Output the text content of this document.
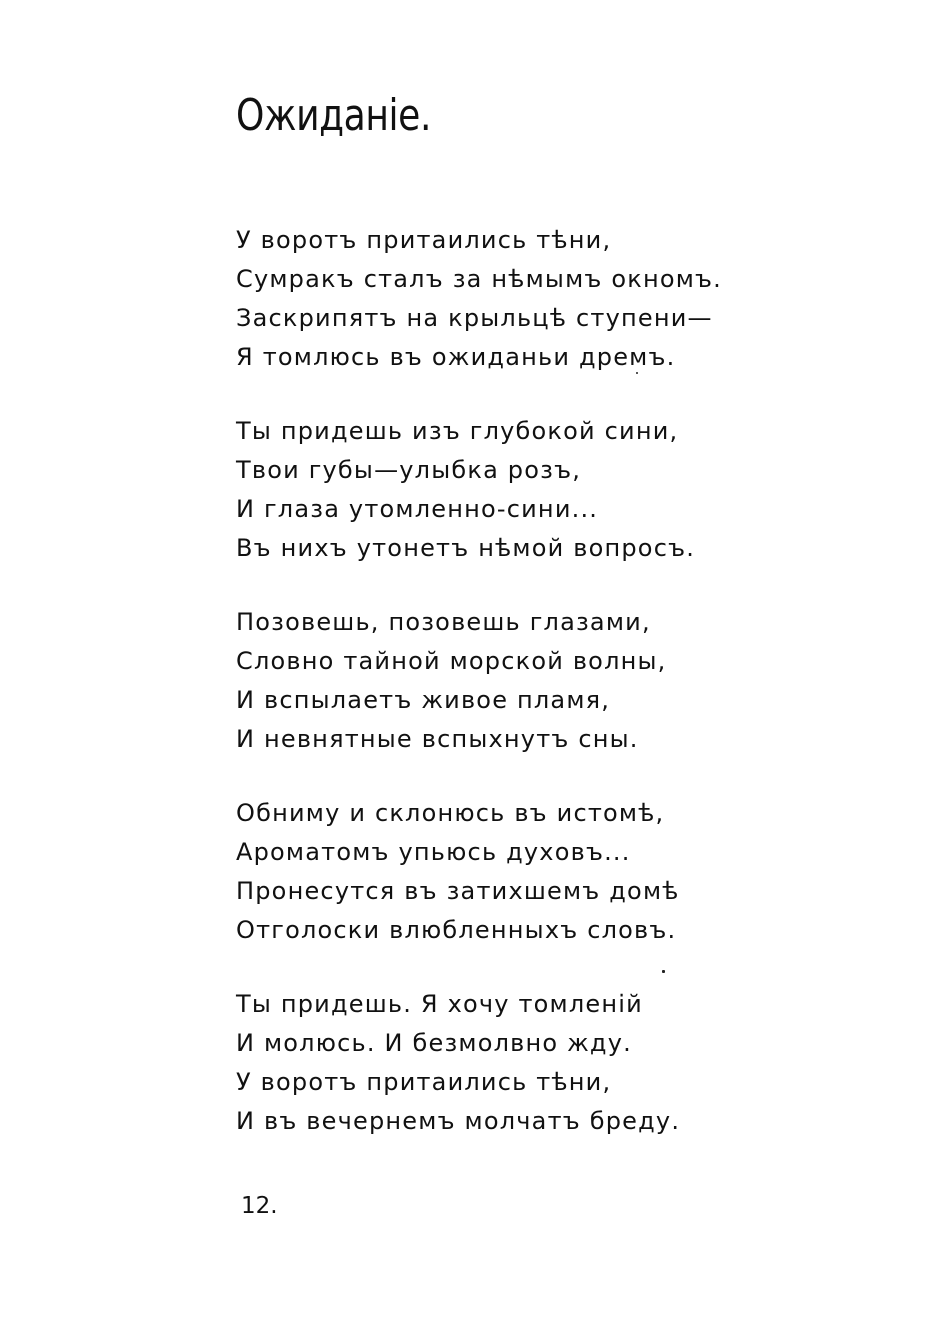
Ожиданіе.
У воротъ притаились тѣни,
Сумракъ сталъ за нѣмымъ окномъ.
Заскрипятъ на крыльцѣ ступени—
Я томлюсь въ ожиданьи дремъ.
Ты придешь изъ глубокой сини,
Твои губы—улыбка розъ,
И глаза утомленно-сини...
Въ нихъ утонетъ нѣмой вопросъ.
Позовешь, позовешь глазами,
Словно тайной морской волны,
И вспылаетъ живое пламя,
И невнятные вспыхнутъ сны.
Обниму и склонюсь въ истомѣ,
Ароматомъ упьюсь духовъ...
Пронесутся въ затихшемъ домѣ
Отголоски влюбленныхъ словъ.
Ты придешь. Я хочу томленій
И молюсь. И безмолвно жду.
У воротъ притаились тѣни,
И въ вечернемъ молчатъ бреду.
12.
